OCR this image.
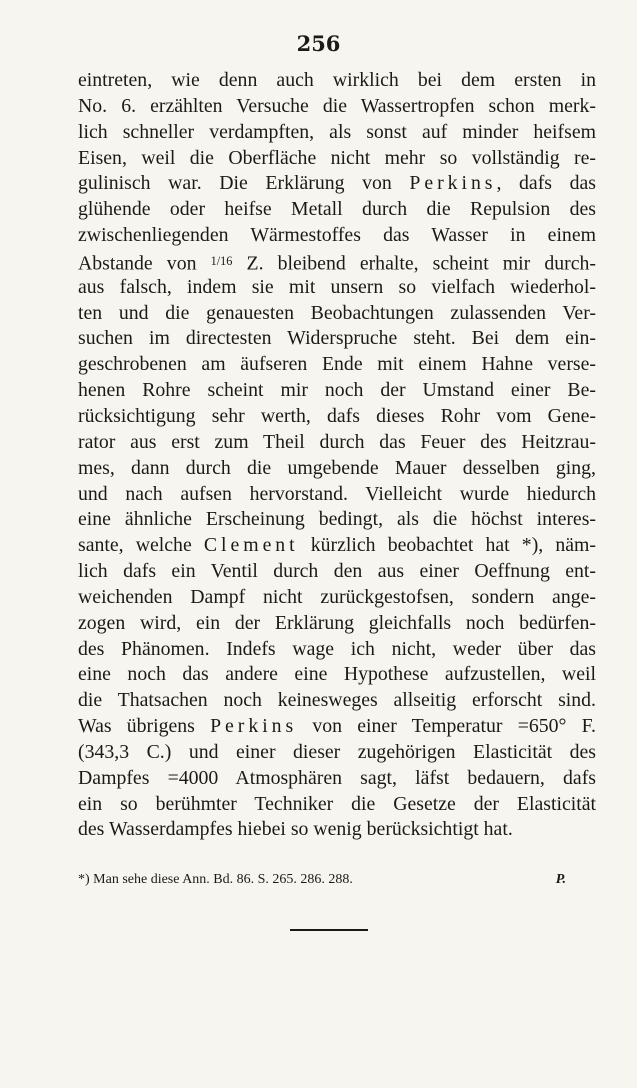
256
eintreten, wie denn auch wirklich bei dem ersten in
No. 6. erzählten Versuche die Wassertropfen schon merk-
lich schneller verdampften, als sonst auf minder heifsem
Eisen, weil die Oberfläche nicht mehr so vollständig re-
gulinisch war. Die Erklärung von Perkins, dafs das
glühende oder heifse Metall durch die Repulsion des
zwischenliegenden Wärmestoffes das Wasser in einem
Abstande von $^{1/16}$ Z. bleibend erhalte, scheint mir durch-
aus falsch, indem sie mit unsern so vielfach wiederhol-
ten und die genauesten Beobachtungen zulassenden Ver-
suchen im directesten Widerspruche steht. Bei dem ein-
geschrobenen am äufseren Ende mit einem Hahne verse-
henen Rohre scheint mir noch der Umstand einer Be-
rücksichtigung sehr werth, dafs dieses Rohr vom Gene-
rator aus erst zum Theil durch das Feuer des Heitzrau-
mes, dann durch die umgebende Mauer desselben ging,
und nach aufsen hervorstand. Vielleicht wurde hiedurch
eine ähnliche Erscheinung bedingt, als die höchst interes-
sante, welche Clement kürzlich beobachtet hat *), näm-
lich dafs ein Ventil durch den aus einer Oeffnung ent-
weichenden Dampf nicht zurückgestofsen, sondern ange-
zogen wird, ein der Erklärung gleichfalls noch bedürfen-
des Phänomen. Indefs wage ich nicht, weder über das
eine noch das andere eine Hypothese aufzustellen, weil
die Thatsachen noch keinesweges allseitig erforscht sind.
Was übrigens Perkins von einer Temperatur =650° F.
(343,3 C.) und einer dieser zugehörigen Elasticität des
Dampfes =4000 Atmosphären sagt, läfst bedauern, dafs
ein so berühmter Techniker die Gesetze der Elasticität
des Wasserdampfes hiebei so wenig berücksichtigt hat.
*) Man sehe diese Ann. Bd. 86. S. 265. 286. 288.	P.
